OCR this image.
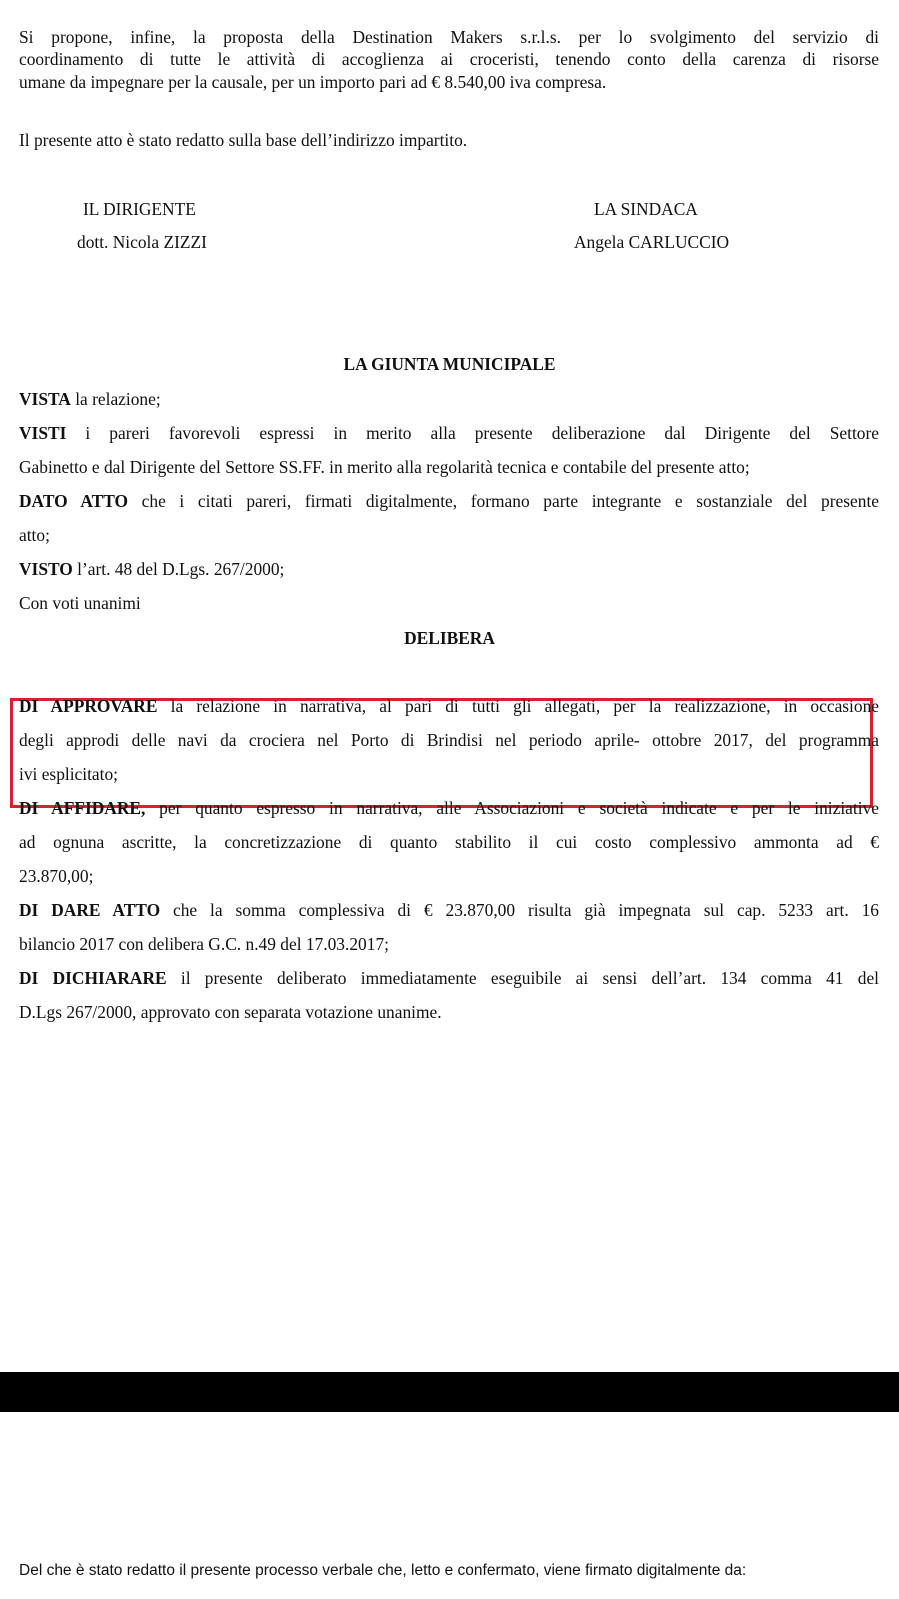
Si propone, infine, la proposta della Destination Makers s.r.l.s. per lo svolgimento del servizio di
coordinamento di tutte le attività di accoglienza ai croceristi, tenendo conto della carenza di risorse
umane da impegnare per la causale, per un importo pari ad € 8.540,00 iva compresa.
Il presente atto è stato redatto sulla base dell’indirizzo impartito.
IL DIRIGENTE
dott. Nicola ZIZZI
LA SINDACA
Angela CARLUCCIO
LA GIUNTA MUNICIPALE
VISTA la relazione;
VISTI i pareri favorevoli espressi in merito alla presente deliberazione dal Dirigente del Settore
Gabinetto e dal Dirigente del Settore SS.FF. in merito alla regolarità tecnica e contabile del presente atto;
DATO ATTO che i citati pareri, firmati digitalmente, formano parte integrante e sostanziale del presente
atto;
VISTO l’art. 48 del D.Lgs. 267/2000;
Con voti unanimi
DELIBERA
DI APPROVARE la relazione in narrativa, al pari di tutti gli allegati, per la realizzazione, in occasione
degli approdi delle navi da crociera nel Porto di Brindisi nel periodo aprile- ottobre 2017, del programma
ivi esplicitato;
DI AFFIDARE, per quanto espresso in narrativa, alle Associazioni e società indicate e per le iniziative
ad ognuna ascritte, la concretizzazione di quanto stabilito il cui costo complessivo ammonta ad €
23.870,00;
DI DARE ATTO che la somma complessiva di € 23.870,00 risulta già impegnata sul cap. 5233 art. 16
bilancio 2017 con delibera G.C. n.49 del 17.03.2017;
DI DICHIARARE il presente deliberato immediatamente eseguibile ai sensi dell’art. 134 comma 41 del
D.Lgs 267/2000, approvato con separata votazione unanime.
Del che è stato redatto il presente processo verbale che, letto e confermato, viene firmato digitalmente da:
